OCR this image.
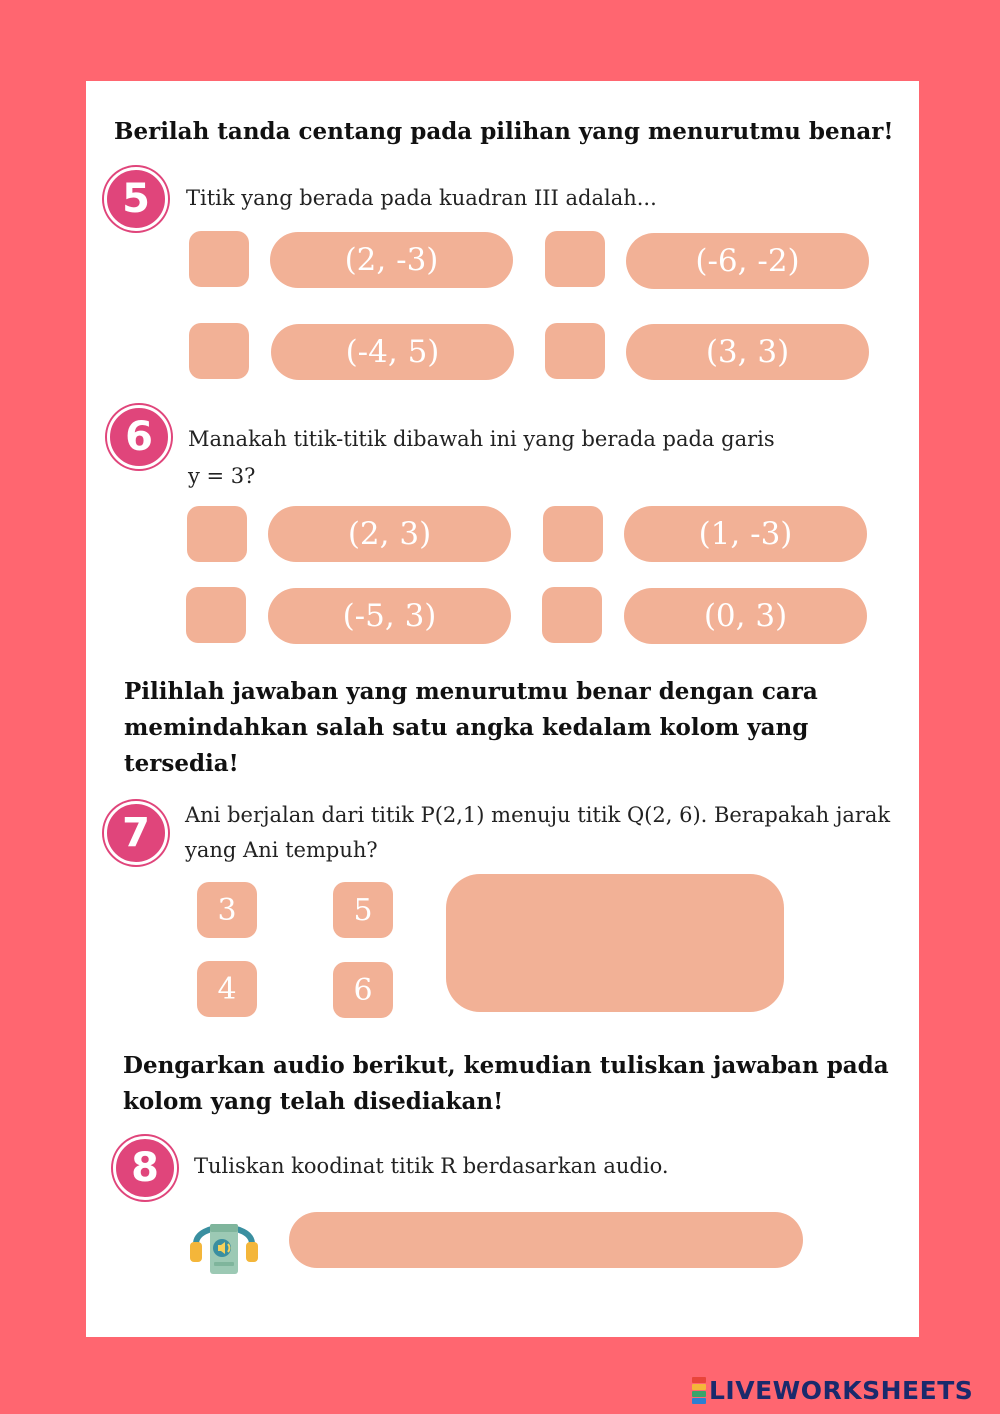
Berilah tanda centang pada pilihan yang menurutmu benar!

5	Titik yang berada pada kuadran III adalah...

(2, -3)	(-6, -2)
(-4, 5)	(3, 3)
6	Manakah titik-titik dibawah ini yang berada pada garis

y = 3?

(2, 3)	(1, -3)
(-5, 3)	(0, 3)

Pilihlah jawaban yang menurutmu benar dengan cara memindahkan salah satu angka kedalam kolom yang tersedia!

7	Ani berjalan dari titik P(2,1) menuju titik Q(2, 6). Berapakah jarak yang Ani tempuh?

3	5
4	6

Dengarkan audio berikut, kemudian tuliskan jawaban pada kolom yang telah disediakan!

8	Tuliskan koodinat titik R berdasarkan audio.

LIVEWORKSHEETS
